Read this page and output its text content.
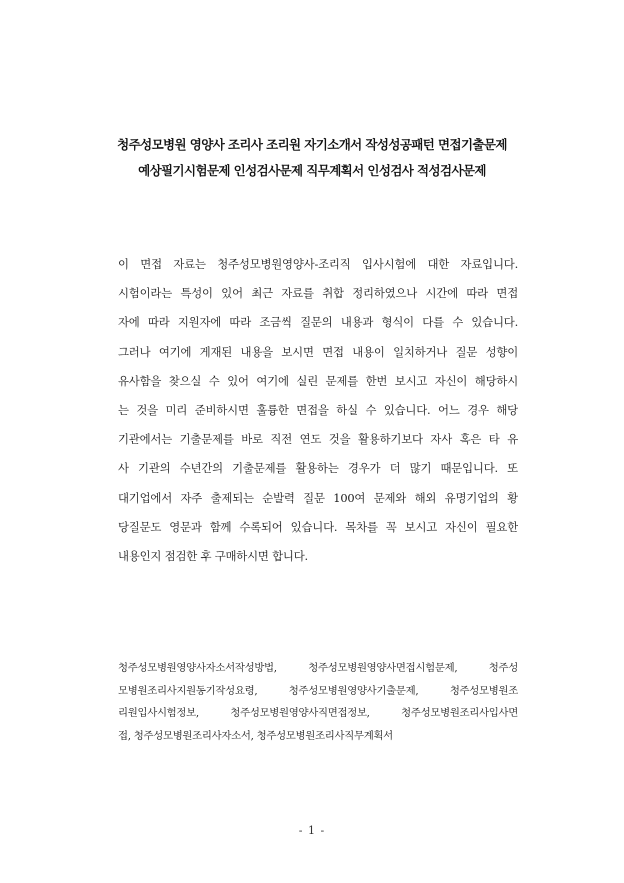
청주성모병원 영양사 조리사 조리원 자기소개서 작성성공패턴 면접기출문제
예상필기시험문제 인성검사문제 직무계획서 인성검사 적성검사문제
이 면접 자료는 청주성모병원영양사-조리직 입사시험에 대한 자료입니다.
시험이라는 특성이 있어 최근 자료를 취합 정리하였으나 시간에 따라 면접
자에 따라 지원자에 따라 조금씩 질문의 내용과 형식이 다를 수 있습니다.
그러나 여기에 게재된 내용을 보시면 면접 내용이 일치하거나 질문 성향이
유사함을 찾으실 수 있어 여기에 실린 문제를 한번 보시고 자신이 해당하시
는 것을 미리 준비하시면 훌륭한 면접을 하실 수 있습니다. 어느 경우 해당
기관에서는 기출문제를 바로 직전 연도 것을 활용하기보다 자사 혹은 타 유
사 기관의 수년간의 기출문제를 활용하는 경우가 더 많기 때문입니다. 또
대기업에서 자주 출제되는 순발력 질문 100여 문제와 해외 유명기업의 황
당질문도 영문과 함께 수록되어 있습니다. 목차를 꼭 보시고 자신이 필요한
내용인지 점검한 후 구매하시면 합니다.
청주성모병원영양사자소서작성방법, 청주성모병원영양사면접시험문제, 청주성
모병원조리사지원동기작성요령, 청주성모병원영양사기출문제, 청주성모병원조
리원입사시험정보, 청주성모병원영양사직면접정보, 청주성모병원조리사입사면
접, 청주성모병원조리사자소서, 청주성모병원조리사직무계획서
- 1 -
